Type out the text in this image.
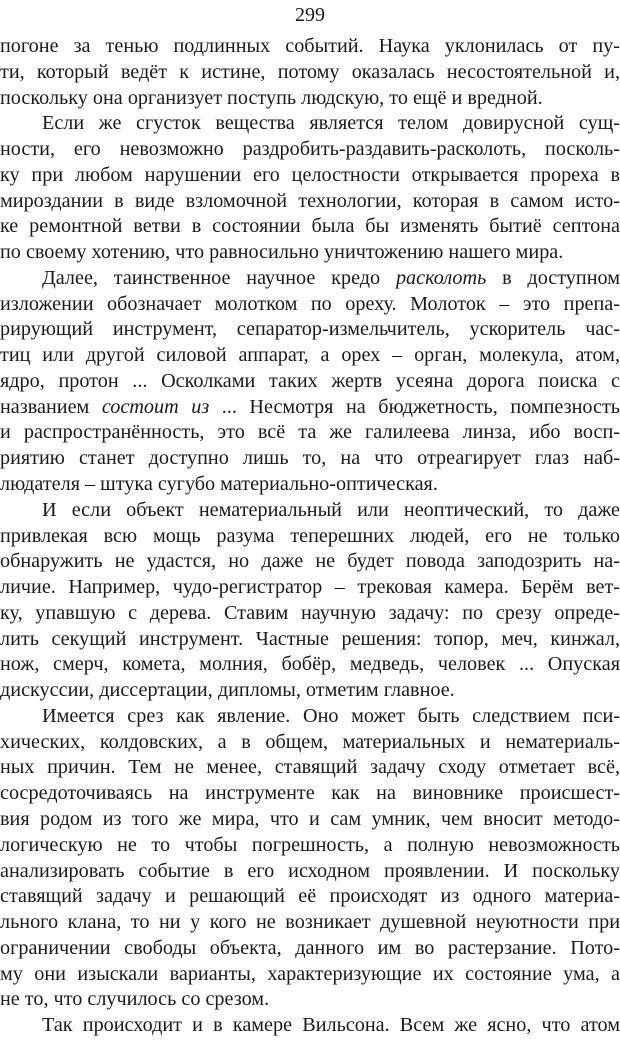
299
погоне за тенью подлинных событий. Наука уклонилась от пу-
ти, который ведёт к истине, потому оказалась несостоятельной и,
поскольку она организует поступь людскую, то ещё и вредной.
Если же сгусток вещества является телом довирусной сущ-
ности, его невозможно раздробить-раздавить-расколоть, посколь-
ку при любом нарушении его целостности открывается прореха в
мироздании в виде взломочной технологии, которая в самом исто-
ке ремонтной ветви в состоянии была бы изменять бытиё септона
по своему хотению, что равносильно уничтожению нашего мира.
Далее, таинственное научное кредо расколоть в доступном
изложении обозначает молотком по ореху. Молоток – это препа-
рирующий инструмент, сепаратор-измельчитель, ускоритель час-
тиц или другой силовой аппарат, а орех – орган, молекула, атом,
ядро, протон ... Осколками таких жертв усеяна дорога поиска с
названием состоит из ... Несмотря на бюджетность, помпезность
и распространённость, это всё та же галилеева линза, ибо восп-
риятию станет доступно лишь то, на что отреагирует глаз наб-
людателя – штука сугубо материально-оптическая.
И если объект нематериальный или неоптический, то даже
привлекая всю мощь разума теперешних людей, его не только
обнаружить не удастся, но даже не будет повода заподозрить на-
личие. Например, чудо-регистратор – трековая камера. Берём вет-
ку, упавшую с дерева. Ставим научную задачу: по срезу опреде-
лить секущий инструмент. Частные решения: топор, меч, кинжал,
нож, смерч, комета, молния, бобёр, медведь, человек ... Опуская
дискуссии, диссертации, дипломы, отметим главное.
Имеется срез как явление. Оно может быть следствием пси-
хических, колдовских, а в общем, материальных и нематериаль-
ных причин. Тем не менее, ставящий задачу сходу отметает всё,
сосредоточиваясь на инструменте как на виновнике происшест-
вия родом из того же мира, что и сам умник, чем вносит методо-
логическую не то чтобы погрешность, а полную невозможность
анализировать событие в его исходном проявлении. И поскольку
ставящий задачу и решающий её происходят из одного материа-
льного клана, то ни у кого не возникает душевной неуютности при
ограничении свободы объекта, данного им во растерзание. Пото-
му они изыскали варианты, характеризующие их состояние ума, а
не то, что случилось со срезом.
Так происходит и в камере Вильсона. Всем же ясно, что атом
